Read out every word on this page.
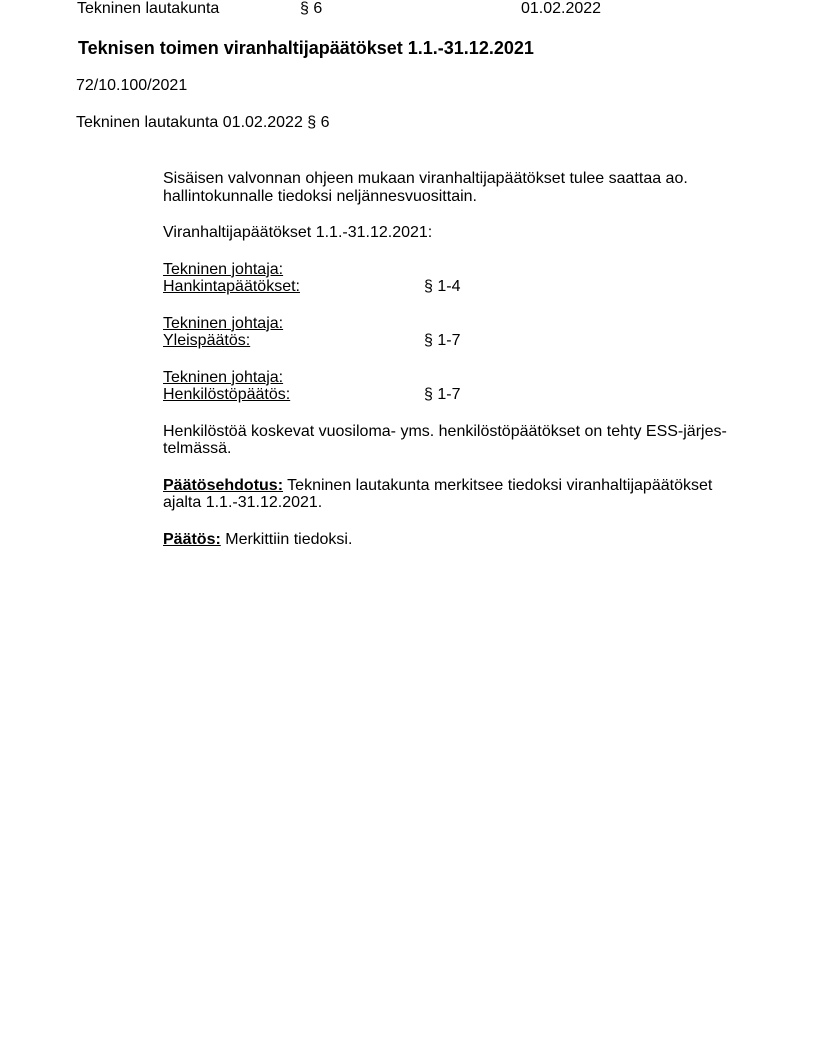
Tekninen lautakunta	§ 6	01.02.2022
Teknisen toimen viranhaltijapäätökset 1.1.-31.12.2021
72/10.100/2021
Tekninen lautakunta 01.02.2022 § 6
Sisäisen valvonnan ohjeen mukaan viranhaltijapäätökset tulee saattaa ao.
hallintokunnalle tiedoksi neljännesvuosittain.
Viranhaltijapäätökset 1.1.-31.12.2021:
Tekninen johtaja:
Hankintapäätökset:	§ 1-4
Tekninen johtaja:
Yleispäätös:	§ 1-7
Tekninen johtaja:
Henkilöstöpäätös:	§ 1-7
Henkilöstöä koskevat vuosiloma- yms. henkilöstöpäätökset on tehty ESS-järjes-
telmässä.
Päätösehdotus: Tekninen lautakunta merkitsee tiedoksi viranhaltijapäätökset
ajalta 1.1.-31.12.2021.
Päätös: Merkittiin tiedoksi.
